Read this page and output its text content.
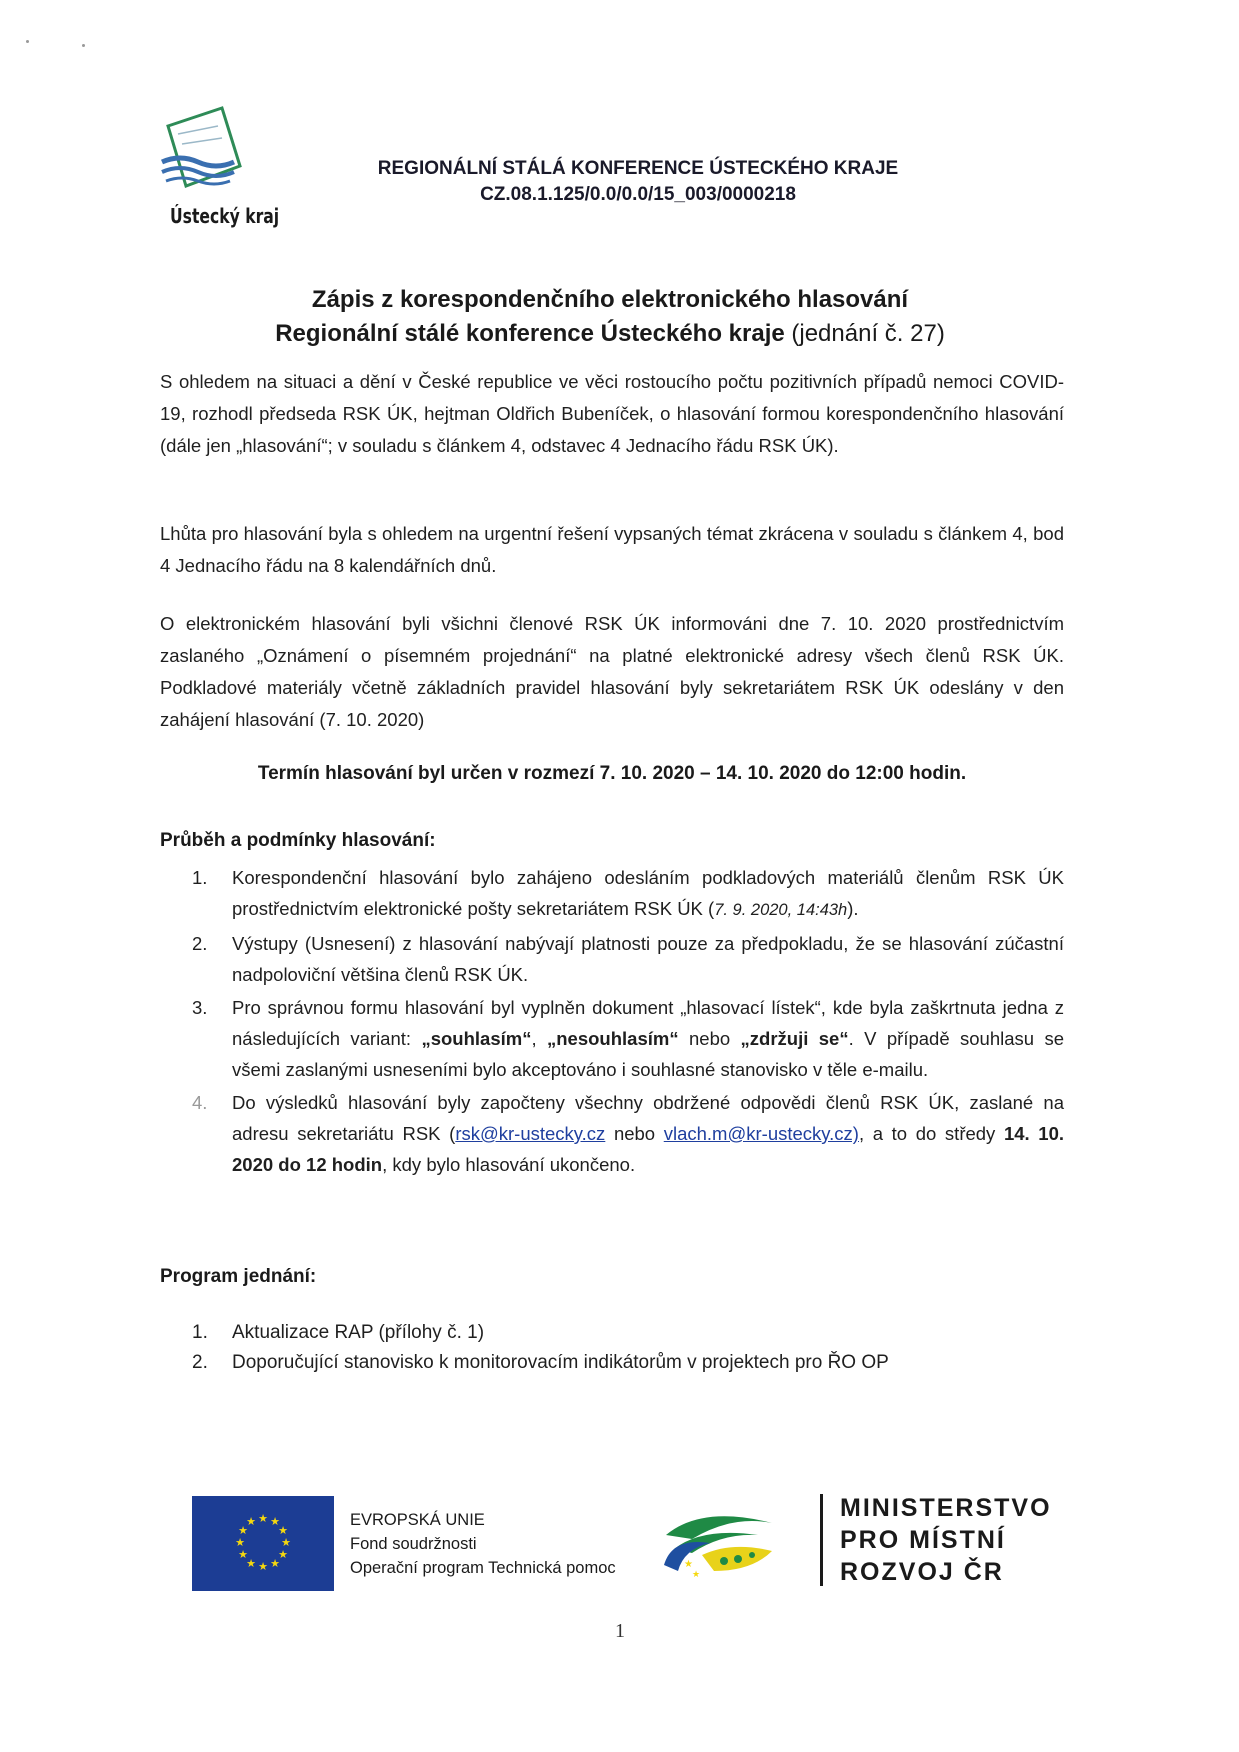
Ústecký kraj
REGIONÁLNÍ STÁLÁ KONFERENCE ÚSTECKÉHO KRAJE
CZ.08.1.125/0.0/0.0/15_003/0000218
Zápis z korespondenčního elektronického hlasování
Regionální stálé konference Ústeckého kraje (jednání č. 27)
S ohledem na situaci a dění v České republice ve věci rostoucího počtu pozitivních případů nemoci COVID-19, rozhodl předseda RSK ÚK, hejtman Oldřich Bubeníček, o hlasování formou korespondenčního hlasování (dále jen „hlasování“; v souladu s článkem 4, odstavec 4 Jednacího řádu RSK ÚK).
Lhůta pro hlasování byla s ohledem na urgentní řešení vypsaných témat zkrácena v souladu s článkem 4, bod 4 Jednacího řádu na 8 kalendářních dnů.
O elektronickém hlasování byli všichni členové RSK ÚK informováni dne 7. 10. 2020 prostřednictvím zaslaného „Oznámení o písemném projednání“ na platné elektronické adresy všech členů RSK ÚK. Podkladové materiály včetně základních pravidel hlasování byly sekretariátem RSK ÚK odeslány v den zahájení hlasování (7. 10. 2020)
Termín hlasování byl určen v rozmezí 7. 10. 2020 – 14. 10. 2020 do 12:00 hodin.
Průběh a podmínky hlasování:
1. Korespondenční hlasování bylo zahájeno odesláním podkladových materiálů členům RSK ÚK prostřednictvím elektronické pošty sekretariátem RSK ÚK (7. 9. 2020, 14:43h).
2. Výstupy (Usnesení) z hlasování nabývají platnosti pouze za předpokladu, že se hlasování zúčastní nadpoloviční většina členů RSK ÚK.
3. Pro správnou formu hlasování byl vyplněn dokument „hlasovací lístek“, kde byla zaškrtnuta jedna z následujících variant: „souhlasím“, „nesouhlasím“ nebo „zdržuji se“. V případě souhlasu se všemi zaslanými usneseními bylo akceptováno i souhlasné stanovisko v těle e-mailu.
4. Do výsledků hlasování byly započteny všechny obdržené odpovědi členů RSK ÚK, zaslané na adresu sekretariátu RSK (rsk@kr-ustecky.cz nebo vlach.m@kr-ustecky.cz), a to do středy 14. 10. 2020 do 12 hodin, kdy bylo hlasování ukončeno.
Program jednání:
1. Aktualizace RAP (přílohy č. 1)
2. Doporučující stanovisko k monitorovacím indikátorům v projektech pro ŘO OP
★ ★
★
★
★
★
★
★
★
★
★
★	EVROPSKÁ UNIE
Fond soudržnosti
Operační program Technická pomoc	★
★
MINISTERSTVO
PRO MÍSTNÍ
ROZVOJ ČR
1
